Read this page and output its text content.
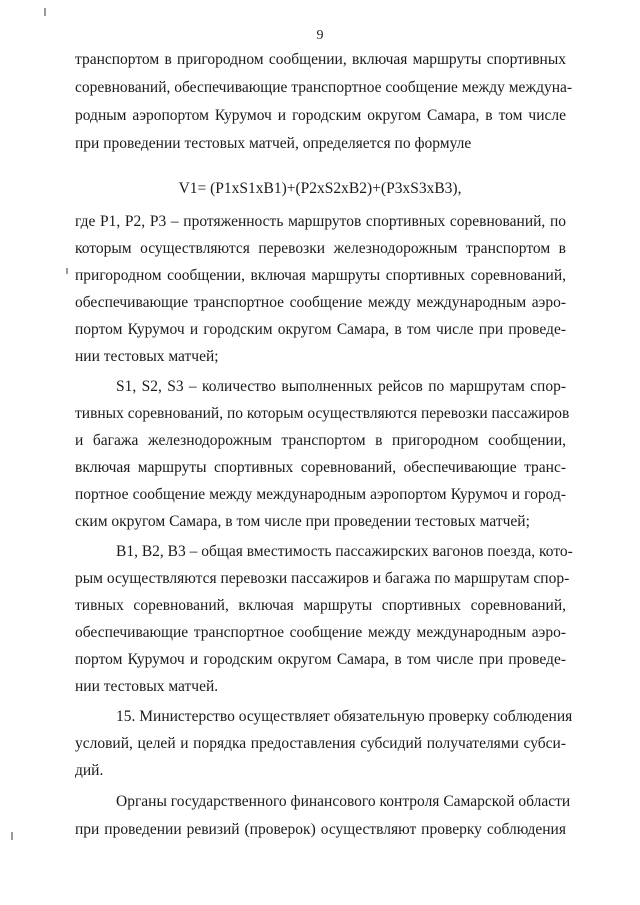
9
транспортом в пригородном сообщении, включая маршруты спортивных
соревнований, обеспечивающие транспортное сообщение между междуна-
родным аэропортом Курумоч и городским округом Самара, в том числе
при проведении тестовых матчей, определяется по формуле
V1= (P1xS1xB1)+(P2xS2xB2)+(P3xS3xB3),
где P1, P2, P3 – протяженность маршрутов спортивных соревнований, по
которым осуществляются перевозки железнодорожным транспортом в
пригородном сообщении, включая маршруты спортивных соревнований,
обеспечивающие транспортное сообщение между международным аэро-
портом Курумоч и городским округом Самара, в том числе при проведе-
нии тестовых матчей;
S1, S2, S3 – количество выполненных рейсов по маршрутам спор-
тивных соревнований, по которым осуществляются перевозки пассажиров
и багажа железнодорожным транспортом в пригородном сообщении,
включая маршруты спортивных соревнований, обеспечивающие транс-
портное сообщение между международным аэропортом Курумоч и город-
ским округом Самара, в том числе при проведении тестовых матчей;
B1, B2, B3 – общая вместимость пассажирских вагонов поезда, кото-
рым осуществляются перевозки пассажиров и багажа по маршрутам спор-
тивных соревнований, включая маршруты спортивных соревнований,
обеспечивающие транспортное сообщение между международным аэро-
портом Курумоч и городским округом Самара, в том числе при проведе-
нии тестовых матчей.
15. Министерство осуществляет обязательную проверку соблюдения
условий, целей и порядка предоставления субсидий получателями субси-
дий.
Органы государственного финансового контроля Самарской области
при проведении ревизий (проверок) осуществляют проверку соблюдения
